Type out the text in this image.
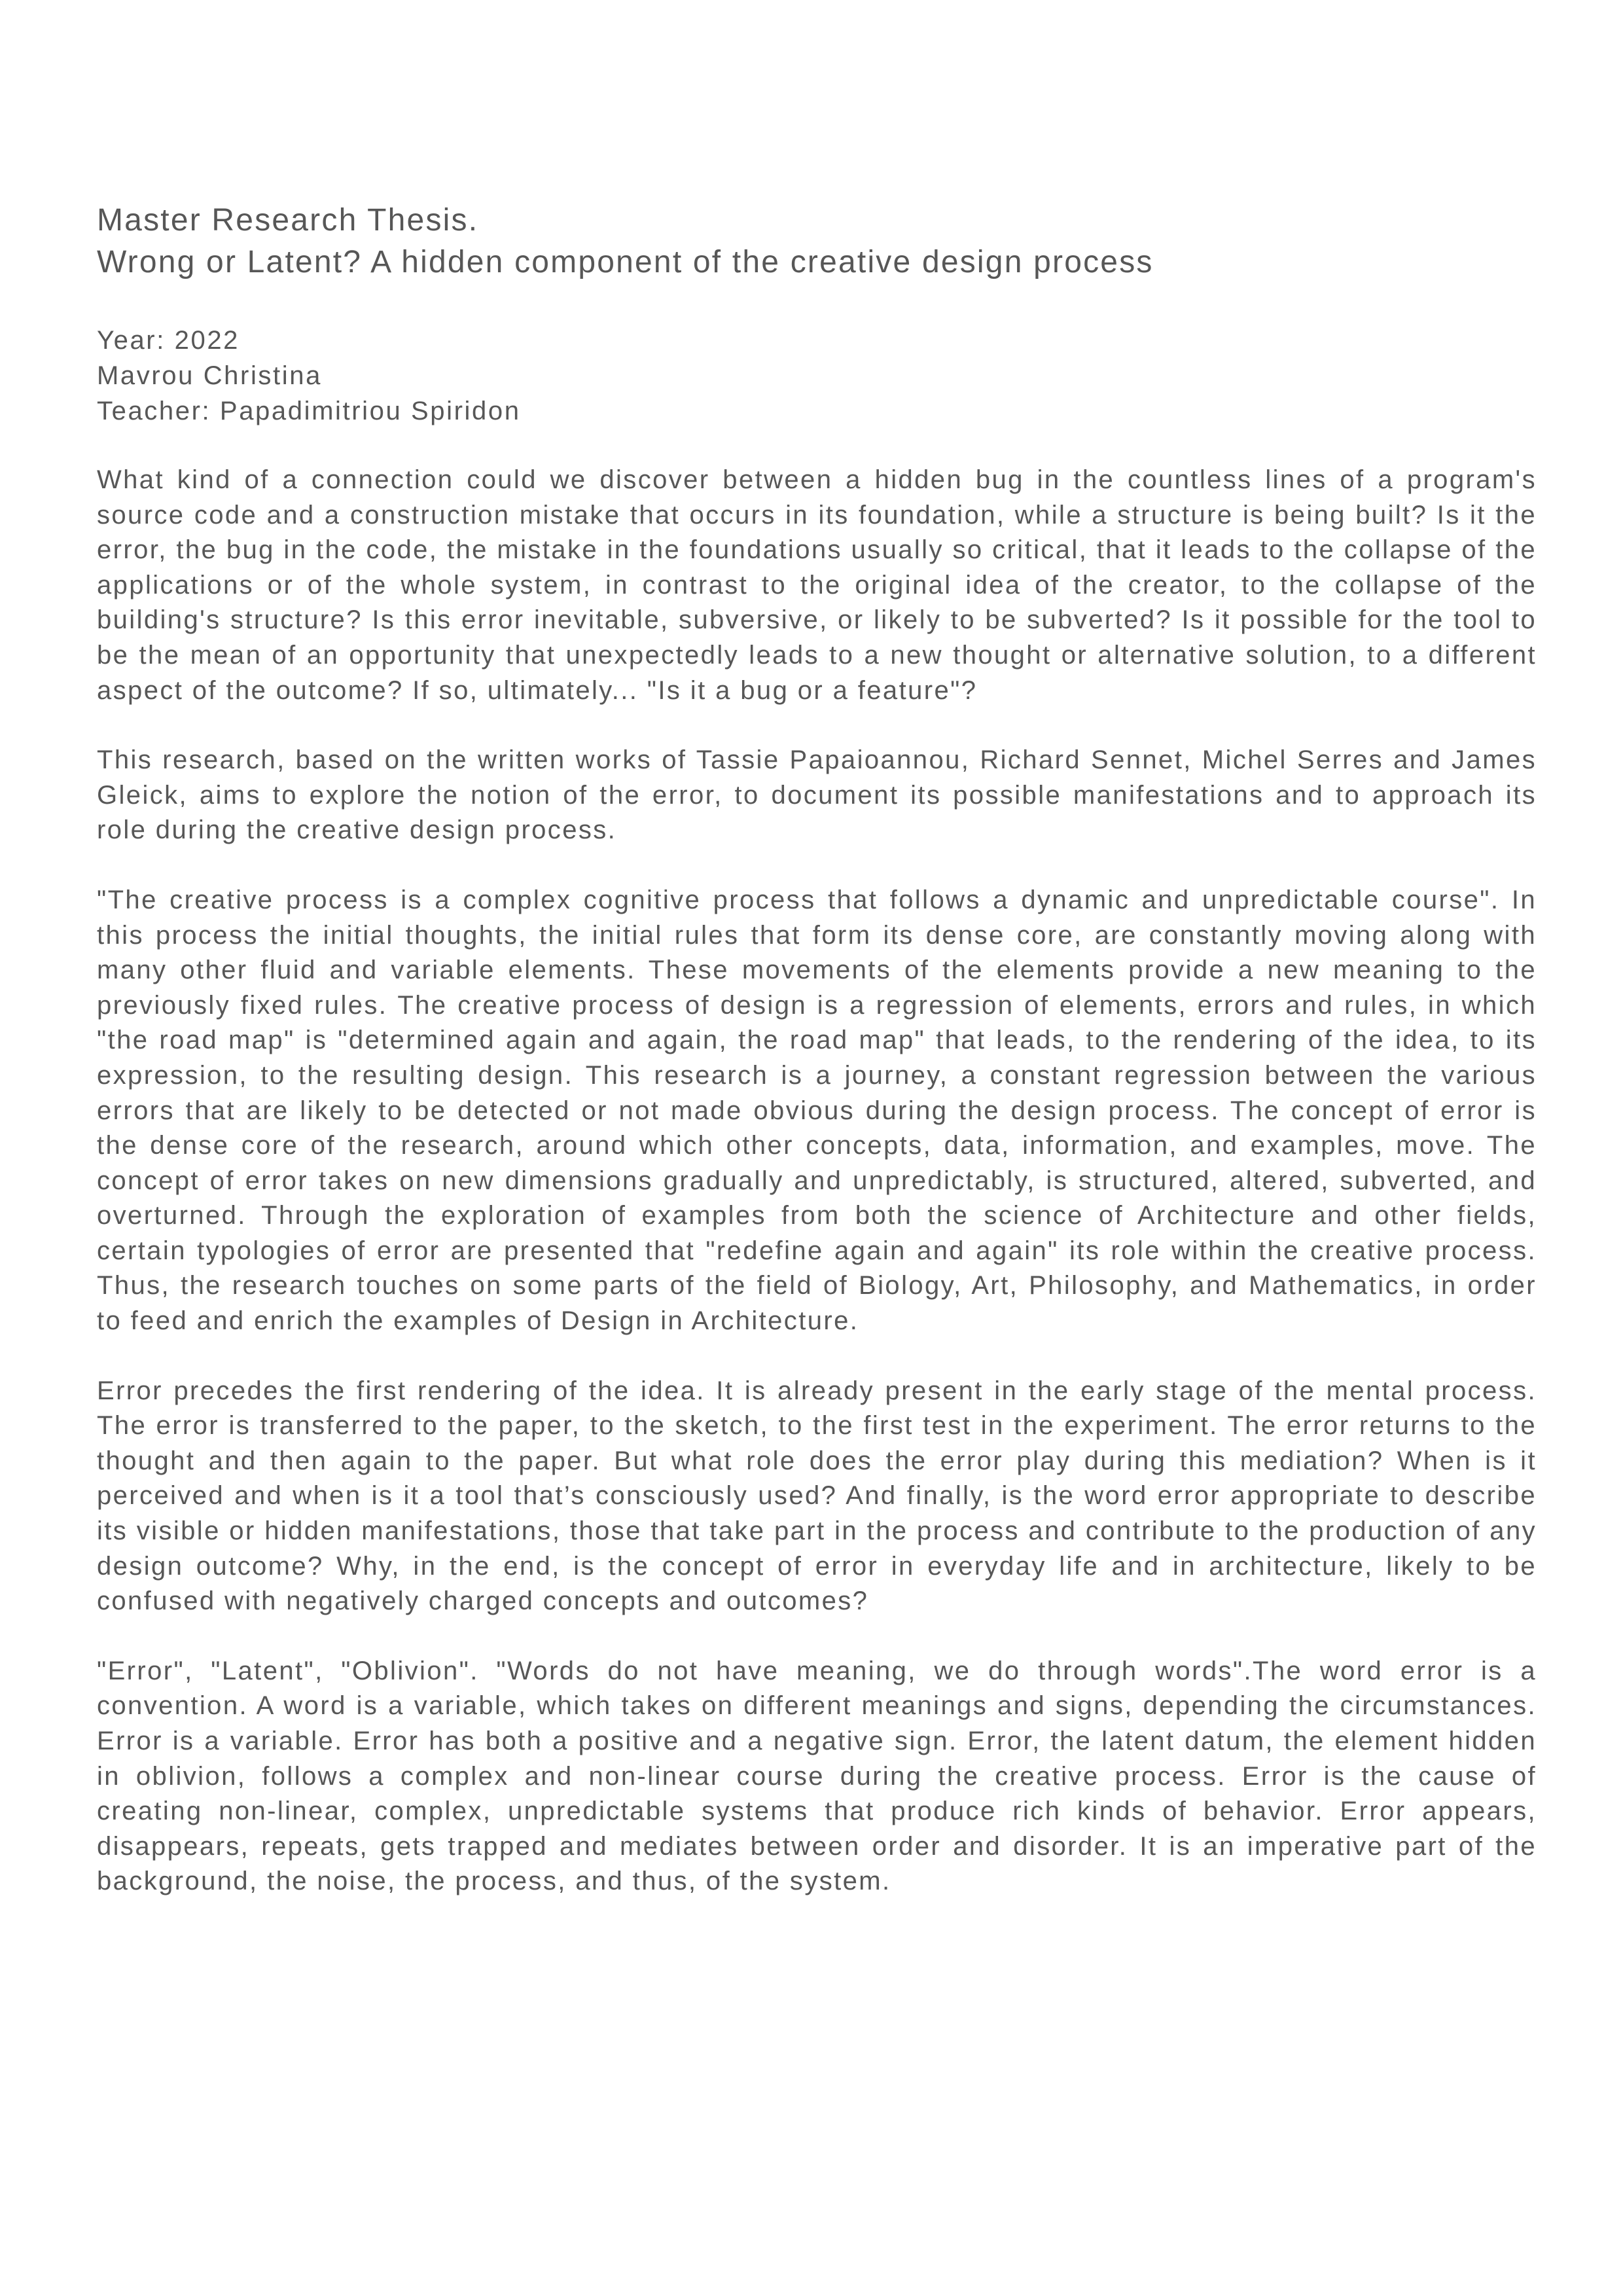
Master Research Thesis.

Wrong or Latent? A hidden component of the creative design process

Year: 2022
Mavrou Christina
Teacher: Papadimitriou Spiridon

What kind of a connection could we discover between a hidden bug in the countless lines of a program's source code and a construction mistake that occurs in its foundation, while a structure is being built? Is it the error, the bug in the code, the mistake in the foundations usually so critical, that it leads to the collapse of the applications or of the whole system, in contrast to the original idea of the creator, to the collapse of the building's structure? Is this error inevitable, subversive, or likely to be subverted? Is it possible for the tool to be the mean of an opportunity that unexpectedly leads to a new thought or alternative solution, to a different aspect of the outcome? If so, ultimately... "Is it a bug or a feature"?

This research, based on the written works of Tassie Papaioannou, Richard Sennet, Michel Serres and James Gleick, aims to explore the notion of the error, to document its possible manifestations and to approach its role during the creative design process.

"The creative process is a complex cognitive process that follows a dynamic and unpredictable course". In this process the initial thoughts, the initial rules that form its dense core, are constantly moving along with many other fluid and variable elements. These movements of the elements provide a new meaning to the previously fixed rules. The creative process of design is a regression of elements, errors and rules, in which "the road map" is "determined again and again, the road map" that leads, to the rendering of the idea, to its expression, to the resulting design. This research is a journey, a constant regression between the various errors that are likely to be detected or not made obvious during the design process. The concept of error is the dense core of the research, around which other concepts, data, information, and examples, move. The concept of error takes on new dimensions gradually and unpredictably, is structured, altered, subverted, and overturned. Through the exploration of examples from both the science of Architecture and other fields, certain typologies of error are presented that "redefine again and again" its role within the creative process. Thus, the research touches on some parts of the field of Biology, Art, Philosophy, and Mathematics, in order to feed and enrich the examples of Design in Architecture.

Error precedes the first rendering of the idea. It is already present in the early stage of the mental process. The error is transferred to the paper, to the sketch, to the first test in the experiment. The error returns to the thought and then again to the paper. But what role does the error play during this mediation? When is it perceived and when is it a tool that’s consciously used? And finally, is the word error appropriate to describe its visible or hidden manifestations, those that take part in the process and contribute to the production of any design outcome? Why, in the end, is the concept of error in everyday life and in architecture, likely to be confused with negatively charged concepts and outcomes?

"Error", "Latent", "Oblivion". "Words do not have meaning, we do through words".The word error is a convention. A word is a variable, which takes on different meanings and signs, depending the circumstances. Error is a variable. Error has both a positive and a negative sign. Error, the latent datum, the element hidden in oblivion, follows a complex and non-linear course during the creative process. Error is the cause of creating non-linear, complex, unpredictable systems that produce rich kinds of behavior. Error appears, disappears, repeats, gets trapped and mediates between order and disorder. It is an imperative part of the background, the noise, the process, and thus, of the system.
